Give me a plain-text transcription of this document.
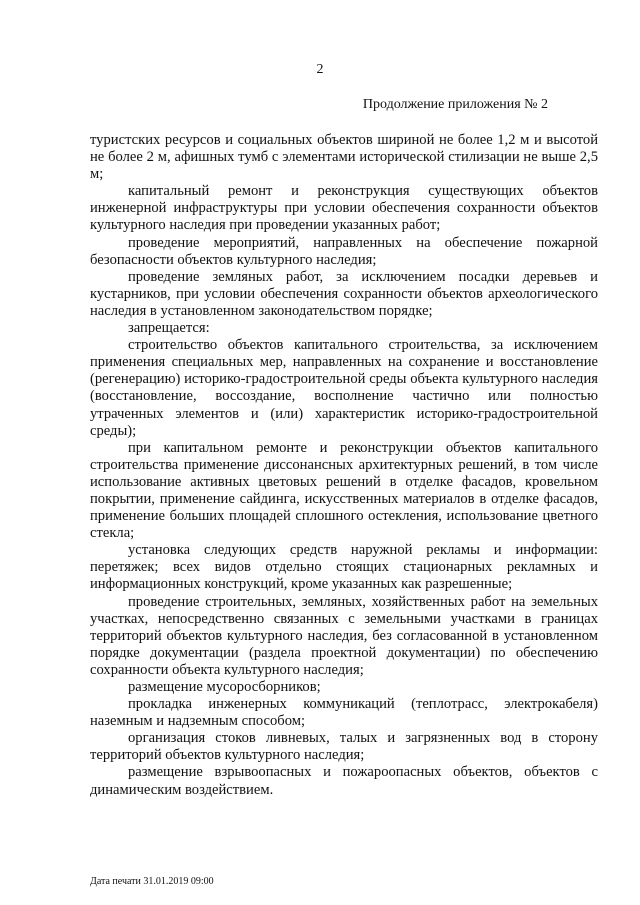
2
Продолжение приложения № 2

туристских ресурсов и социальных объектов шириной не более 1,2 м и высотой не более 2 м, афишных тумб с элементами исторической стилизации не выше 2,5 м;

капитальный ремонт и реконструкция существующих объектов инженерной инфраструктуры при условии обеспечения сохранности объектов культурного наследия при проведении указанных работ;

проведение мероприятий, направленных на обеспечение пожарной безопасности объектов культурного наследия;

проведение земляных работ, за исключением посадки деревьев и кустарников, при условии обеспечения сохранности объектов археологического наследия в установленном законодательством порядке;

запрещается:

строительство объектов капитального строительства, за исключением применения специальных мер, направленных на сохранение и восстановление (регенерацию) историко-градостроительной среды объекта культурного наследия (восстановление, воссоздание, восполнение частично или полностью утраченных элементов и (или) характеристик историко-градостроительной среды);

при капитальном ремонте и реконструкции объектов капитального строительства применение диссонансных архитектурных решений, в том числе использование активных цветовых решений в отделке фасадов, кровельном покрытии, применение сайдинга, искусственных материалов в отделке фасадов, применение больших площадей сплошного остекления, использование цветного стекла;

установка следующих средств наружной рекламы и информации: перетяжек; всех видов отдельно стоящих стационарных рекламных и информационных конструкций, кроме указанных как разрешенные;

проведение строительных, земляных, хозяйственных работ на земельных участках, непосредственно связанных с земельными участками в границах территорий объектов культурного наследия, без согласованной в установленном порядке документации (раздела проектной документации) по обеспечению сохранности объекта культурного наследия;

размещение мусоросборников;

прокладка инженерных коммуникаций (теплотрасс, электрокабеля) наземным и надземным способом;

организация стоков ливневых, талых и загрязненных вод в сторону территорий объектов культурного наследия;

размещение взрывоопасных и пожароопасных объектов, объектов с динамическим воздействием.

Дата печати 31.01.2019 09:00
